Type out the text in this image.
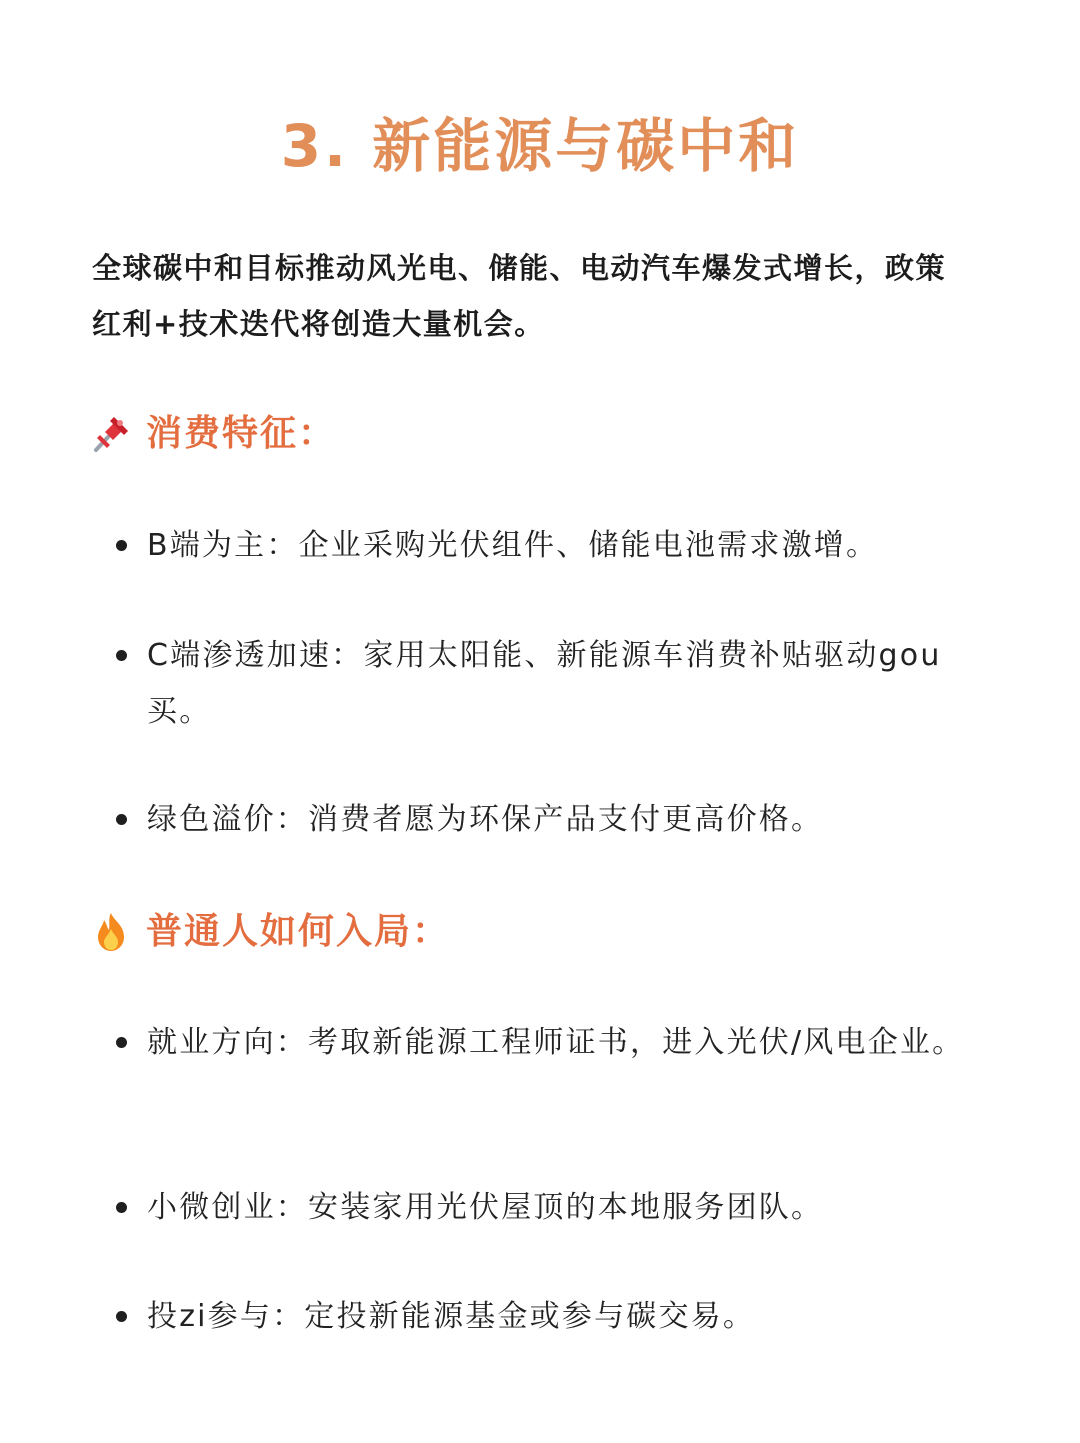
3. 新能源与碳中和

全球碳中和目标推动风光电、储能、电动汽车爆发式增长，政策红利+技术迭代将创造大量机会。

消费特征：
B端为主：企业采购光伏组件、储能电池需求激增。
C端渗透加速：家用太阳能、新能源车消费补贴驱动gou买。
绿色溢价：消费者愿为环保产品支付更高价格。
普通人如何入局：
就业方向：考取新能源工程师证书，进入光伏/风电企业。
小微创业：安装家用光伏屋顶的本地服务团队。
投zi参与：定投新能源基金或参与碳交易。
